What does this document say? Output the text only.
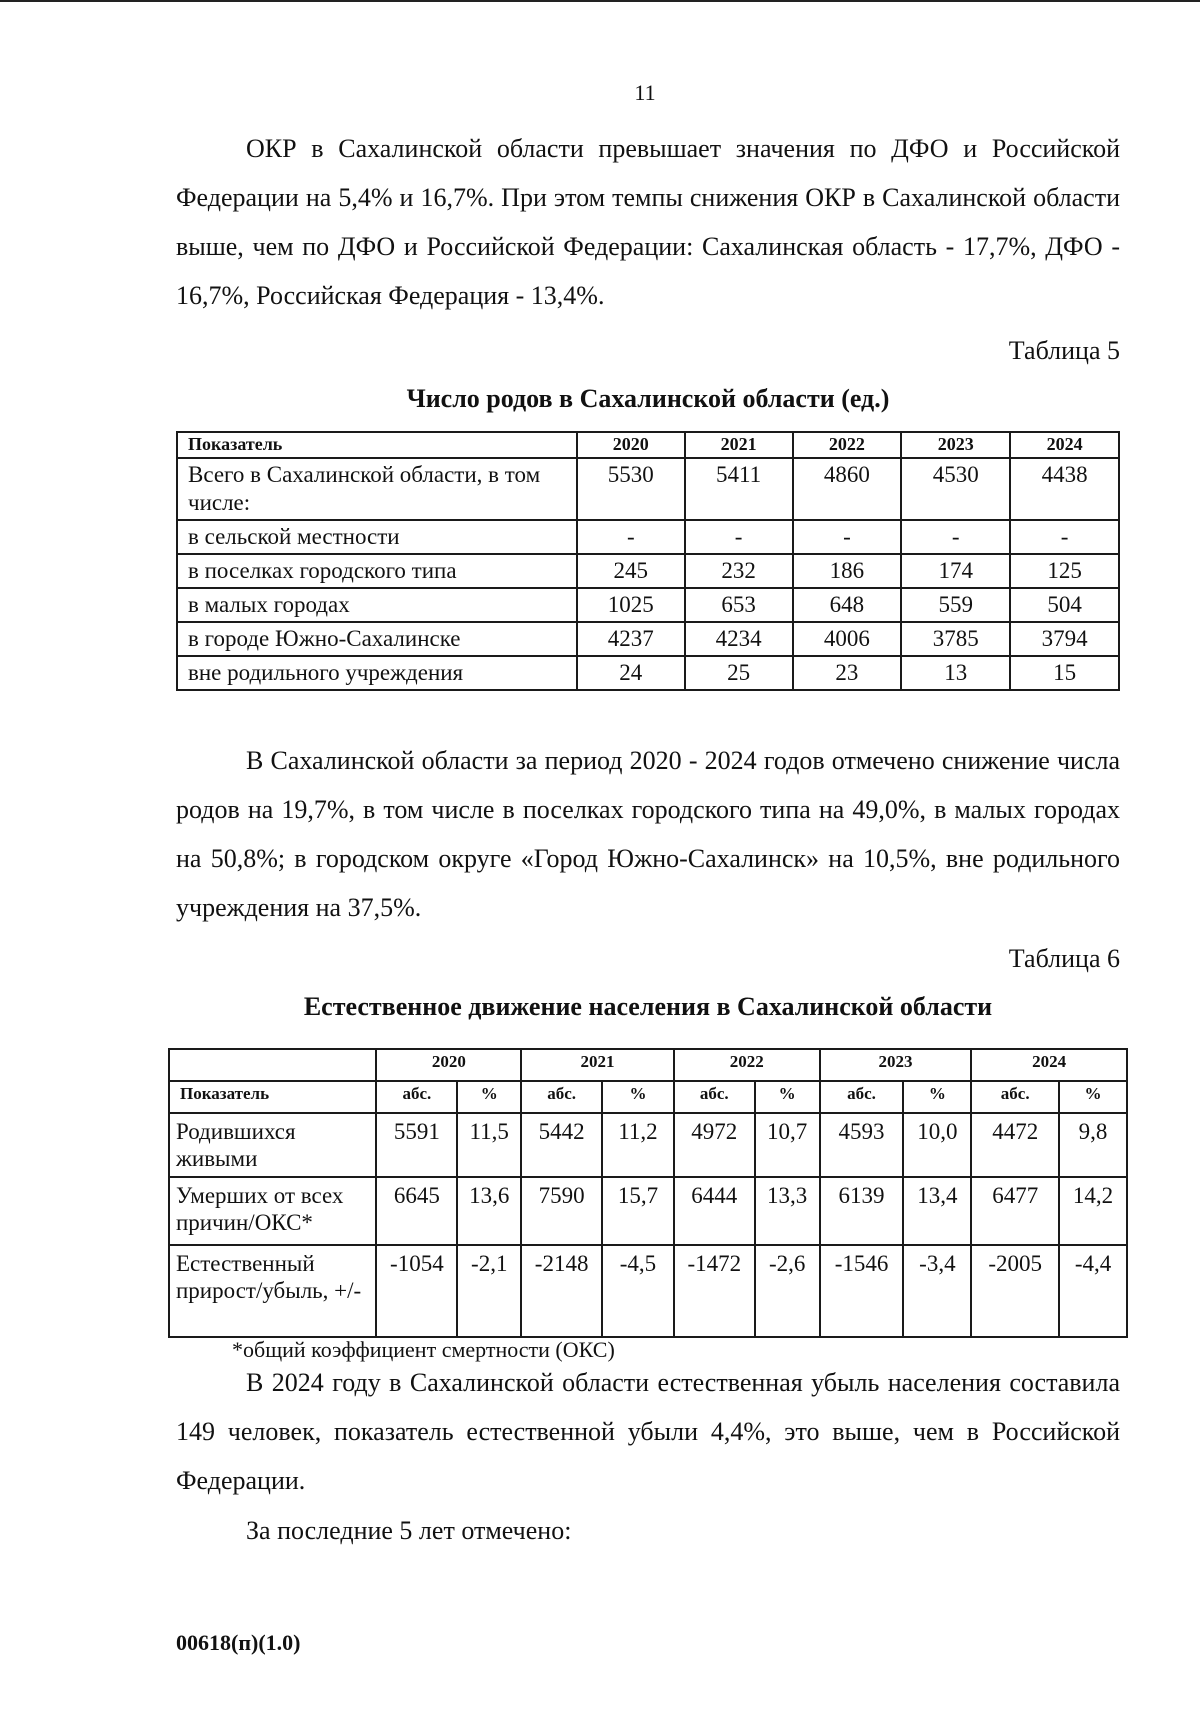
11

ОКР в Сахалинской области превышает значения по ДФО и Российской Федерации на 5,4% и 16,7%. При этом темпы снижения ОКР в Сахалинской области выше, чем по ДФО и Российской Федерации: Сахалинская область - 17,7%, ДФО - 16,7%, Российская Федерация - 13,4%.

Таблица 5
Число родов в Сахалинской области (ед.)
Показатель	2020	2021	2022	2023	2024
Всего в Сахалинской области, в том числе:	5530	5411	4860	4530	4438
в сельской местности	-	-	-	-	-
в поселках городского типа	245	232	186	174	125
в малых городах	1025	653	648	559	504
в городе Южно-Сахалинске	4237	4234	4006	3785	3794
вне родильного учреждения	24	25	23	13	15

В Сахалинской области за период 2020 - 2024 годов отмечено снижение числа родов на 19,7%, в том числе в поселках городского типа на 49,0%, в малых городах на 50,8%; в городском округе «Город Южно-Сахалинск» на 10,5%, вне родильного учреждения на 37,5%.

Таблица 6
Естественное движение населения в Сахалинской области
	2020		2021		2022		2023		2024	
Показатель	абс.	%	абс.	%	абс.	%	абс.	%	абс.	%
Родившихся живыми	5591	11,5	5442	11,2	4972	10,7	4593	10,0	4472	9,8
Умерших от всех причин/ОКС*	6645	13,6	7590	15,7	6444	13,3	6139	13,4	6477	14,2
Естественный прирост/убыль, +/-	-1054	-2,1	-2148	-4,5	-1472	-2,6	-1546	-3,4	-2005	-4,4
*общий коэффициент смертности (ОКС)

В 2024 году в Сахалинской области естественная убыль населения составила 149 человек, показатель естественной убыли 4,4%, это выше, чем в Российской Федерации.

За последние 5 лет отмечено:

00618(п)(1.0)
